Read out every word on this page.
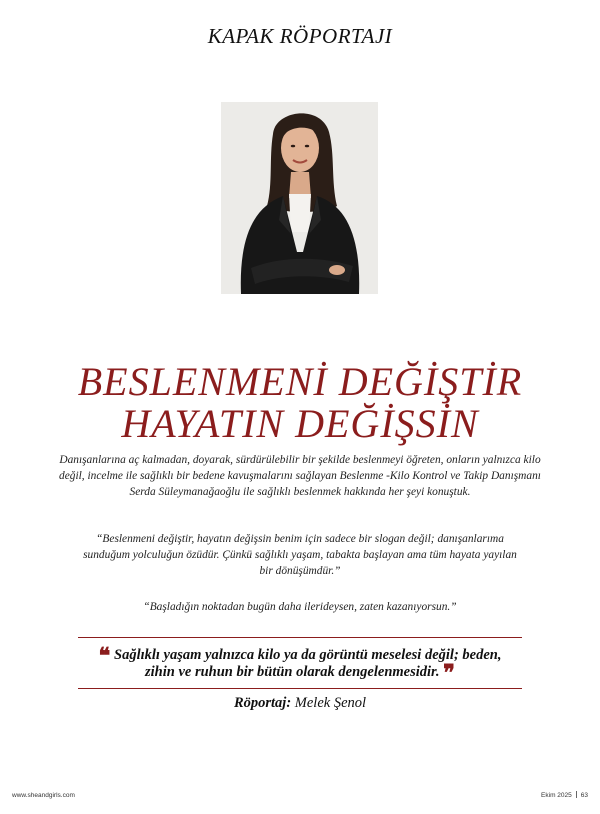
KAPAK RÖPORTAJI
BESLENMENİ DEĞİŞTİR
HAYATIN DEĞİŞSİN

Danışanlarına aç kalmadan, doyarak, sürdürülebilir bir şekilde beslenmeyi öğreten, onların yalnızca kilo değil, incelme ile sağlıklı bir bedene kavuşmalarını sağlayan Beslenme -Kilo Kontrol ve Takip Danışmanı Serda Süleymanağaoğlu ile sağlıklı beslenmek hakkında her şeyi konuştuk.

“Beslenmeni değiştir, hayatın değişsin benim için sadece bir slogan değil; danışanlarıma sunduğum yolculuğun özüdür. Çünkü sağlıklı yaşam, tabakta başlayan ama tüm hayata yayılan bir dönüşümdür.”

“Başladığın noktadan bugün daha ilerideysen, zaten kazanıyorsun.”

❝ Sağlıklı yaşam yalnızca kilo ya da görüntü meselesi değil; beden,
zihin ve ruhun bir bütün olarak dengelenmesidir. ❞

Röportaj: Melek Şenol
www.sheandgirls.com	Ekim 2025 63
